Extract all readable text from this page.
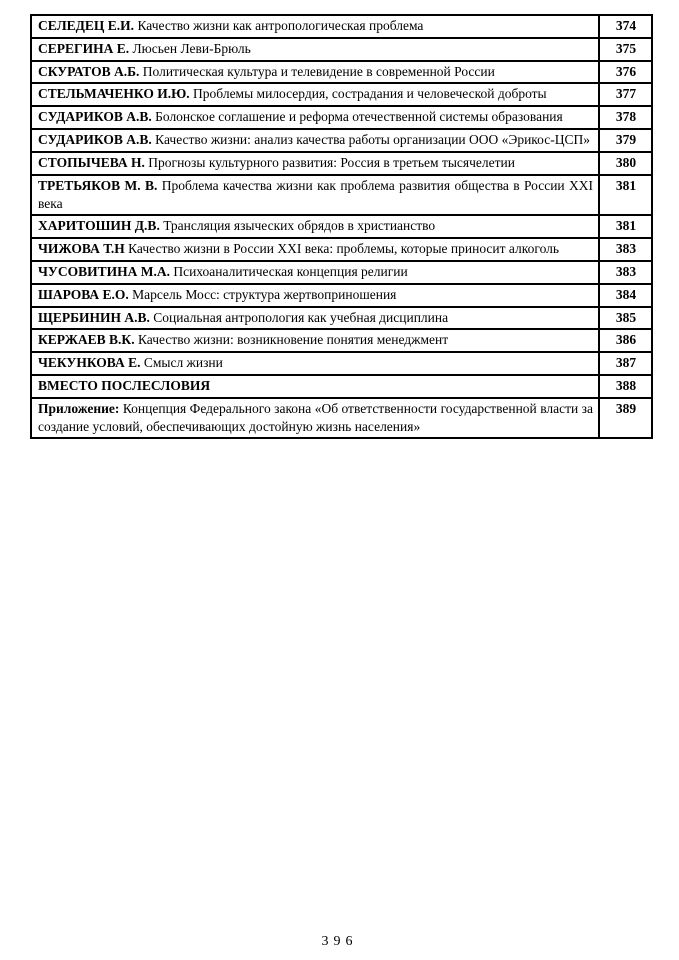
СЕЛЕДЕЦ Е.И. Качество жизни как антропологическая проблема	374
СЕРЕГИНА Е. Люсьен Леви-Брюль	375
СКУРАТОВ А.Б. Политическая культура и телевидение в современной России	376
СТЕЛЬМАЧЕНКО И.Ю. Проблемы милосердия, сострадания и человеческой доброты	377
СУДАРИКОВ А.В. Болонское соглашение и реформа отечественной системы образования	378
СУДАРИКОВ А.В. Качество жизни: анализ качества работы организации ООО «Эрикос-ЦСП»	379
СТОПЫЧЕВА Н. Прогнозы культурного развития: Россия в третьем тысячелетии	380
ТРЕТЬЯКОВ М. В. Проблема качества жизни как проблема развития общества в России XXI века	381
ХАРИТОШИН Д.В. Трансляция языческих обрядов в христианство	381
ЧИЖОВА Т.Н Качество жизни в России XXI века: проблемы, которые приносит алкоголь	383
ЧУСОВИТИНА М.А. Психоаналитическая концепция религии	383
ШАРОВА Е.О. Марсель Мосс: структура жертвоприношения	384
ЩЕРБИНИН А.В. Социальная антропология как учебная дисциплина	385
КЕРЖАЕВ В.К. Качество жизни: возникновение понятия менеджмент	386
ЧЕКУНКОВА Е. Смысл жизни	387
ВМЕСТО ПОСЛЕСЛОВИЯ	388
Приложение: Концепция Федерального закона «Об ответственности государственной власти за создание условий, обеспечивающих достойную жизнь населения»	389
396
